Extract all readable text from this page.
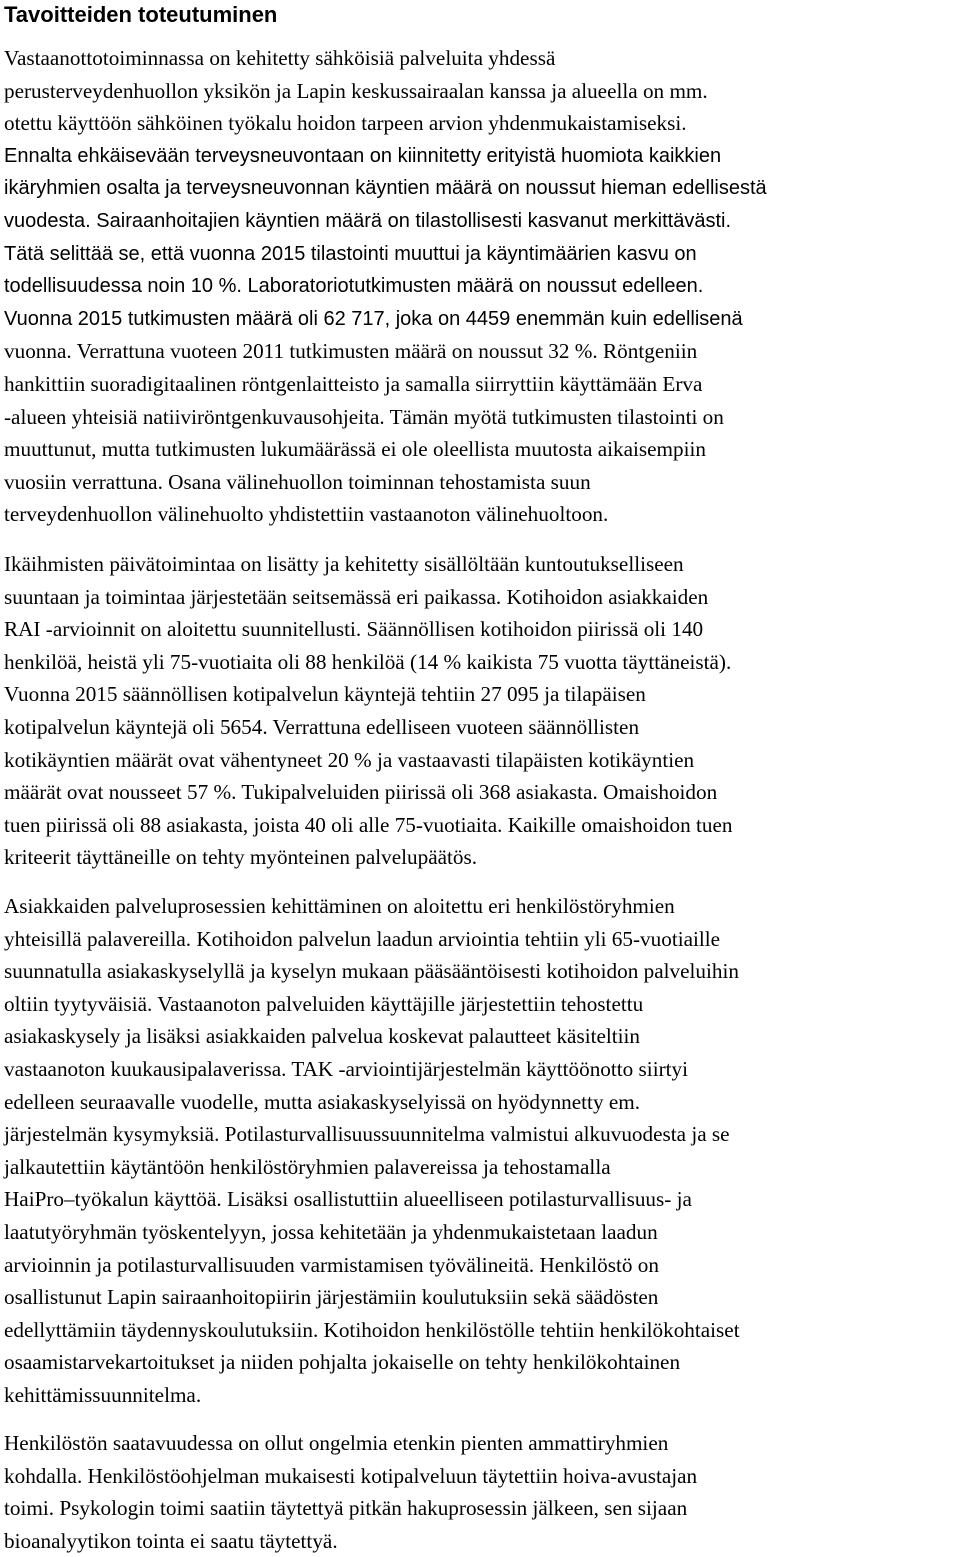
Tavoitteiden toteutuminen

Vastaanottotoiminnassa on kehitetty sähköisiä palveluita yhdessä
perusterveydenhuollon yksikön ja Lapin keskussairaalan kanssa ja alueella on mm.
otettu käyttöön sähköinen työkalu hoidon tarpeen arvion yhdenmukaistamiseksi.
Ennalta ehkäisevään terveysneuvontaan on kiinnitetty erityistä huomiota kaikkien
ikäryhmien osalta ja terveysneuvonnan käyntien määrä on noussut hieman edellisestä
vuodesta. Sairaanhoitajien käyntien määrä on tilastollisesti kasvanut merkittävästi.
Tätä selittää se, että vuonna 2015 tilastointi muuttui ja käyntimäärien kasvu on
todellisuudessa noin 10 %. Laboratoriotutkimusten määrä on noussut edelleen.
Vuonna 2015 tutkimusten määrä oli 62 717, joka on 4459 enemmän kuin edellisenä
vuonna. Verrattuna vuoteen 2011 tutkimusten määrä on noussut 32 %. Röntgeniin
hankittiin suoradigitaalinen röntgenlaitteisto ja samalla siirryttiin käyttämään Erva
-alueen yhteisiä natiiviröntgenkuvausohjeita. Tämän myötä tutkimusten tilastointi on
muuttunut, mutta tutkimusten lukumäärässä ei ole oleellista muutosta aikaisempiin
vuosiin verrattuna. Osana välinehuollon toiminnan tehostamista suun
terveydenhuollon välinehuolto yhdistettiin vastaanoton välinehuoltoon.

Ikäihmisten päivätoimintaa on lisätty ja kehitetty sisällöltään kuntoutukselliseen
suuntaan ja toimintaa järjestetään seitsemässä eri paikassa. Kotihoidon asiakkaiden
RAI -arvioinnit on aloitettu suunnitellusti. Säännöllisen kotihoidon piirissä oli 140
henkilöä, heistä yli 75-vuotiaita oli 88 henkilöä (14 % kaikista 75 vuotta täyttäneistä).
Vuonna 2015 säännöllisen kotipalvelun käyntejä tehtiin 27 095 ja tilapäisen
kotipalvelun käyntejä oli 5654. Verrattuna edelliseen vuoteen säännöllisten
kotikäyntien määrät ovat vähentyneet 20 % ja vastaavasti tilapäisten kotikäyntien
määrät ovat nousseet 57 %. Tukipalveluiden piirissä oli 368 asiakasta. Omaishoidon
tuen piirissä oli 88 asiakasta, joista 40 oli alle 75-vuotiaita. Kaikille omaishoidon tuen
kriteerit täyttäneille on tehty myönteinen palvelupäätös.

Asiakkaiden palveluprosessien kehittäminen on aloitettu eri henkilöstöryhmien
yhteisillä palavereilla. Kotihoidon palvelun laadun arviointia tehtiin yli 65-vuotiaille
suunnatulla asiakaskyselyllä ja kyselyn mukaan pääsääntöisesti kotihoidon palveluihin
oltiin tyytyväisiä. Vastaanoton palveluiden käyttäjille järjestettiin tehostettu
asiakaskysely ja lisäksi asiakkaiden palvelua koskevat palautteet käsiteltiin
vastaanoton kuukausipalaverissa. TAK -arviointijärjestelmän käyttöönotto siirtyi
edelleen seuraavalle vuodelle, mutta asiakaskyselyissä on hyödynnetty em.
järjestelmän kysymyksiä. Potilasturvallisuussuunnitelma valmistui alkuvuodesta ja se
jalkautettiin käytäntöön henkilöstöryhmien palavereissa ja tehostamalla
HaiPro–työkalun käyttöä. Lisäksi osallistuttiin alueelliseen potilasturvallisuus- ja
laatutyöryhmän työskentelyyn, jossa kehitetään ja yhdenmukaistetaan laadun
arvioinnin ja potilasturvallisuuden varmistamisen työvälineitä. Henkilöstö on
osallistunut Lapin sairaanhoitopiirin järjestämiin koulutuksiin sekä säädösten
edellyttämiin täydennyskoulutuksiin. Kotihoidon henkilöstölle tehtiin henkilökohtaiset
osaamistarvekartoitukset ja niiden pohjalta jokaiselle on tehty henkilökohtainen
kehittämissuunnitelma.

Henkilöstön saatavuudessa on ollut ongelmia etenkin pienten ammattiryhmien
kohdalla. Henkilöstöohjelman mukaisesti kotipalveluun täytettiin hoiva-avustajan
toimi. Psykologin toimi saatiin täytettyä pitkän hakuprosessin jälkeen, sen sijaan
bioanalyytikon tointa ei saatu täytettyä.
